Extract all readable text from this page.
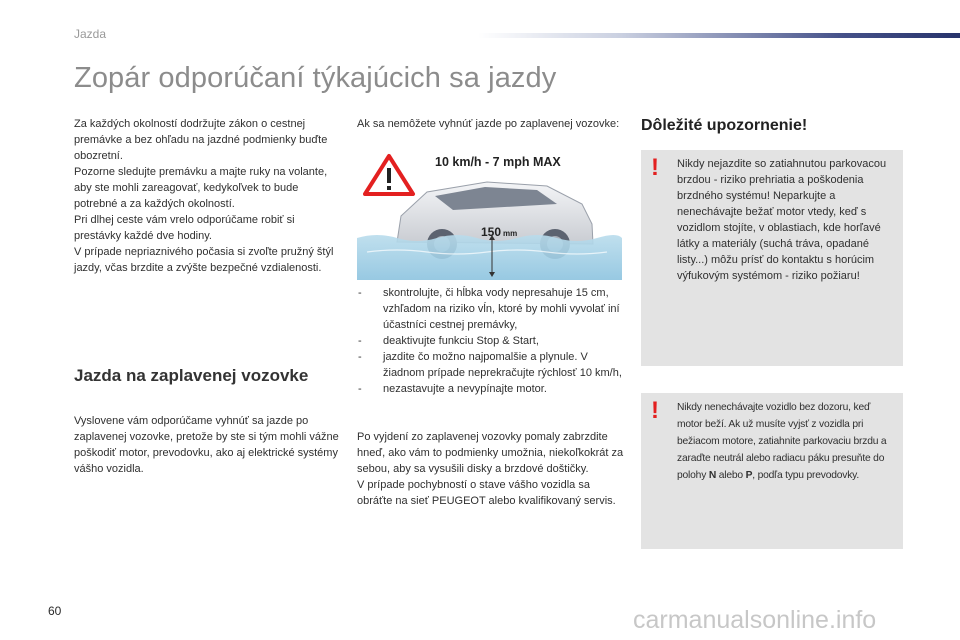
Jazda
Zopár odporúčaní týkajúcich sa jazdy

Za každých okolností dodržujte zákon o cestnej premávke a bez ohľadu na jazdné podmienky buďte obozretní.

Pozorne sledujte premávku a majte ruky na volante, aby ste mohli zareagovať, kedykoľvek to bude potrebné a za každých okolností.

Pri dlhej ceste vám vrelo odporúčame robiť si prestávky každé dve hodiny.

V prípade nepriaznivého počasia si zvoľte pružný štýl jazdy, včas brzdite a zvýšte bezpečné vzdialenosti.

Jazda na zaplavenej vozovke
Vyslovene vám odporúčame vyhnúť sa jazde po zaplavenej vozovke, pretože by ste si tým mohli vážne poškodiť motor, prevodovku, ako aj elektrické systémy vášho vozidla.
Ak sa nemôžete vyhnúť jazde po zaplavenej vozovke:
150 mm
10 km/h - 7 mph MAX
- skontrolujte, či hĺbka vody nepresahuje 15 cm, vzhľadom na riziko vĺn, ktoré by mohli vyvolať iní účastníci cestnej premávky,
- deaktivujte funkciu Stop & Start,
- jazdite čo možno najpomalšie a plynule. V žiadnom prípade neprekračujte rýchlosť 10 km/h,
- nezastavujte a nevypínajte motor.

Po vyjdení zo zaplavenej vozovky pomaly zabrzdite hneď, ako vám to podmienky umožnia, niekoľkokrát za sebou, aby sa vysušili disky a brzdové doštičky.

V prípade pochybností o stave vášho vozidla sa obráťte na sieť PEUGEOT alebo kvalifikovaný servis.

Dôležité upozornenie!
! Nikdy nejazdite so zatiahnutou parkovacou brzdou - riziko prehriatia a poškodenia brzdného systému! Neparkujte a nenechávajte bežať motor vtedy, keď s vozidlom stojíte, v oblastiach, kde horľavé látky a materiály (suchá tráva, opadané listy...) môžu prísť do kontaktu s horúcim výfukovým systémom - riziko požiaru!
! Nikdy nenechávajte vozidlo bez dozoru, keď motor beží. Ak už musíte vyjsť z vozidla pri bežiacom motore, zatiahnite parkovaciu brzdu a zaraďte neutrál alebo radiacu páku presuňte do polohy N alebo P, podľa typu prevodovky.
60	carmanualsonline.info
